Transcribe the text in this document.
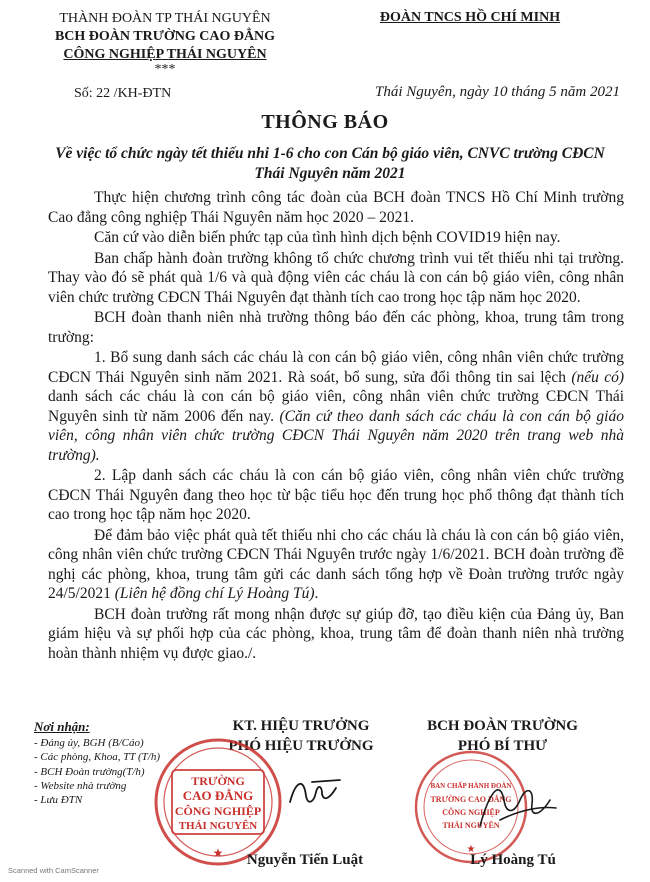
THÀNH ĐOÀN TP THÁI NGUYÊN
BCH ĐOÀN TRƯỜNG CAO ĐẲNG
CÔNG NGHIỆP THÁI NGUYÊN
***
ĐOÀN TNCS HỒ CHÍ MINH
Số: 22 /KH-ĐTN	Thái Nguyên, ngày 10 tháng 5 năm 2021
THÔNG BÁO
Về việc tổ chức ngày tết thiếu nhi 1-6 cho con Cán bộ giáo viên, CNVC trường CĐCN Thái Nguyên năm 2021

Thực hiện chương trình công tác đoàn của BCH đoàn TNCS Hồ Chí Minh trường Cao đẳng công nghiệp Thái Nguyên năm học 2020 – 2021.

Căn cứ vào diễn biến phức tạp của tình hình dịch bệnh COVID19 hiện nay.

Ban chấp hành đoàn trường không tổ chức chương trình vui tết thiếu nhi tại trường. Thay vào đó sẽ phát quà 1/6 và quà động viên các cháu là con cán bộ giáo viên, công nhân viên chức trường CĐCN Thái Nguyên đạt thành tích cao trong học tập năm học 2020.

BCH đoàn thanh niên nhà trường thông báo đến các phòng, khoa, trung tâm trong trường:

1. Bổ sung danh sách các cháu là con cán bộ giáo viên, công nhân viên chức trường CĐCN Thái Nguyên sinh năm 2021. Rà soát, bổ sung, sửa đổi thông tin sai lệch (nếu có) danh sách các cháu là con cán bộ giáo viên, công nhân viên chức trường CĐCN Thái Nguyên sinh từ năm 2006 đến nay. (Căn cứ theo danh sách các cháu là con cán bộ giáo viên, công nhân viên chức trường CĐCN Thái Nguyên năm 2020 trên trang web nhà trường).

2. Lập danh sách các cháu là con cán bộ giáo viên, công nhân viên chức trường CĐCN Thái Nguyên đang theo học từ bậc tiểu học đến trung học phổ thông đạt thành tích cao trong học tập năm học 2020.

Để đảm bảo việc phát quà tết thiếu nhi cho các cháu là cháu là con cán bộ giáo viên, công nhân viên chức trường CĐCN Thái Nguyên trước ngày 1/6/2021. BCH đoàn trường đề nghị các phòng, khoa, trung tâm gửi các danh sách tổng hợp về Đoàn trường trước ngày 24/5/2021 (Liên hệ đồng chí Lý Hoàng Tú).

BCH đoàn trường rất mong nhận được sự giúp đỡ, tạo điều kiện của Đảng ủy, Ban giám hiệu và sự phối hợp của các phòng, khoa, trung tâm để đoàn thanh niên nhà trường hoàn thành nhiệm vụ được giao./.

Nơi nhận:
- Đảng ủy, BGH (B/Cáo)
- Các phòng, Khoa, TT (T/h)
- BCH Đoàn trường(T/h)
- Website nhà trường
- Lưu ĐTN
KT. HIỆU TRƯỞNG
PHÓ HIỆU TRƯỞNG
TRƯỜNG
CAO ĐẲNG
CÔNG NGHIỆP
THÁI NGUYÊN
★	Nguyễn Tiến Luật
BCH ĐOÀN TRƯỜNG
PHÓ BÍ THƯ
BAN CHẤP HÀNH ĐOÀN
TRƯỜNG CAO ĐẲNG
CÔNG NGHIỆP
THÁI NGUYÊN
★
Lý Hoàng Tú
Scanned with CamScanner
